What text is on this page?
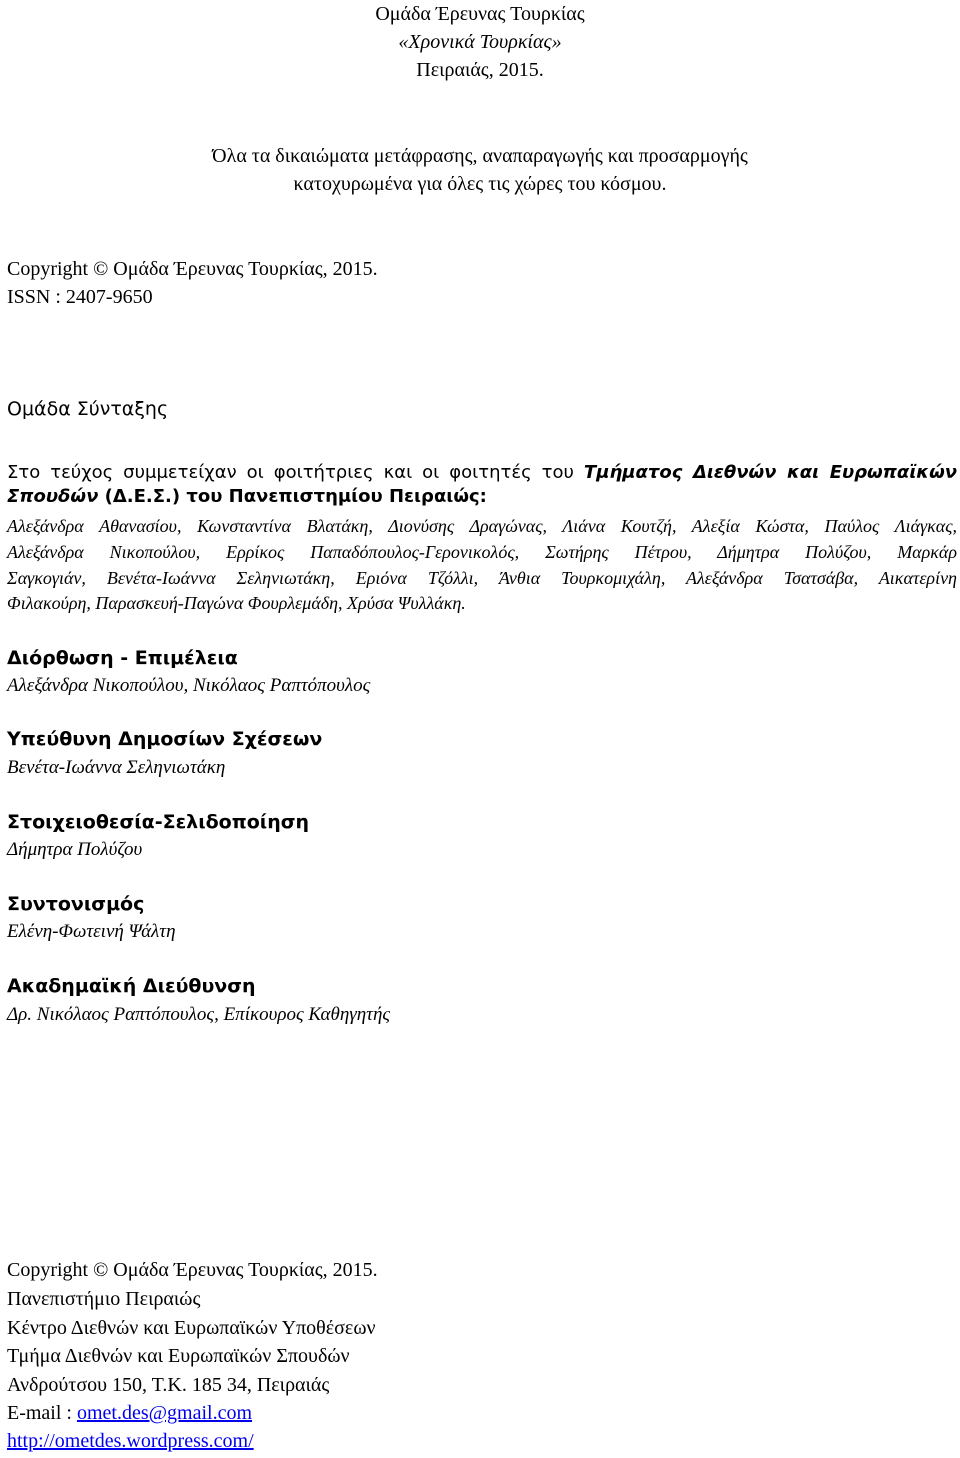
Ομάδα Έρευνας Τουρκίας
«Χρονικά Τουρκίας»
Πειραιάς, 2015.
Όλα τα δικαιώματα μετάφρασης, αναπαραγωγής και προσαρμογής
κατοχυρωμένα για όλες τις χώρες του κόσμου.
Copyright © Ομάδα Έρευνας Τουρκίας, 2015.
ISSN : 2407-9650
Ομάδα Σύνταξης
Στο τεύχος συμμετείχαν οι φοιτήτριες και οι φοιτητές του Τμήματος Διεθνών και Ευρωπαϊκών
Σπουδών (Δ.Ε.Σ.) του Πανεπιστημίου Πειραιώς:
Αλεξάνδρα Αθανασίου, Κωνσταντίνα Βλατάκη, Διονύσης Δραγώνας, Λιάνα Κουτζή, Αλεξία Κώστα, Παύλος Λιάγκας,
Αλεξάνδρα Νικοπούλου, Ερρίκος Παπαδόπουλος-Γερονικολός, Σωτήρης Πέτρου, Δήμητρα Πολύζου, Μαρκάρ
Σαγκογιάν, Βενέτα-Ιωάννα Σεληνιωτάκη, Εριόνα Τζόλλι, Άνθια Τουρκομιχάλη, Αλεξάνδρα Τσατσάβα, Αικατερίνη
Φιλακούρη, Παρασκευή-Παγώνα Φουρλεμάδη, Χρύσα Ψυλλάκη.
Διόρθωση - Επιμέλεια
Αλεξάνδρα Νικοπούλου, Νικόλαος Ραπτόπουλος
Υπεύθυνη Δημοσίων Σχέσεων
Βενέτα-Ιωάννα Σεληνιωτάκη
Στοιχειοθεσία-Σελιδοποίηση
Δήμητρα Πολύζου
Συντονισμός
Ελένη-Φωτεινή Ψάλτη
Ακαδημαϊκή Διεύθυνση
Δρ. Νικόλαος Ραπτόπουλος, Επίκουρος Καθηγητής
Copyright © Ομάδα Έρευνας Τουρκίας, 2015.
Πανεπιστήμιο Πειραιώς
Κέντρο Διεθνών και Ευρωπαϊκών Υποθέσεων
Τμήμα Διεθνών και Ευρωπαϊκών Σπουδών
Ανδρούτσου 150, Τ.Κ. 185 34, Πειραιάς
E-mail : omet.des@gmail.com
http://ometdes.wordpress.com/
